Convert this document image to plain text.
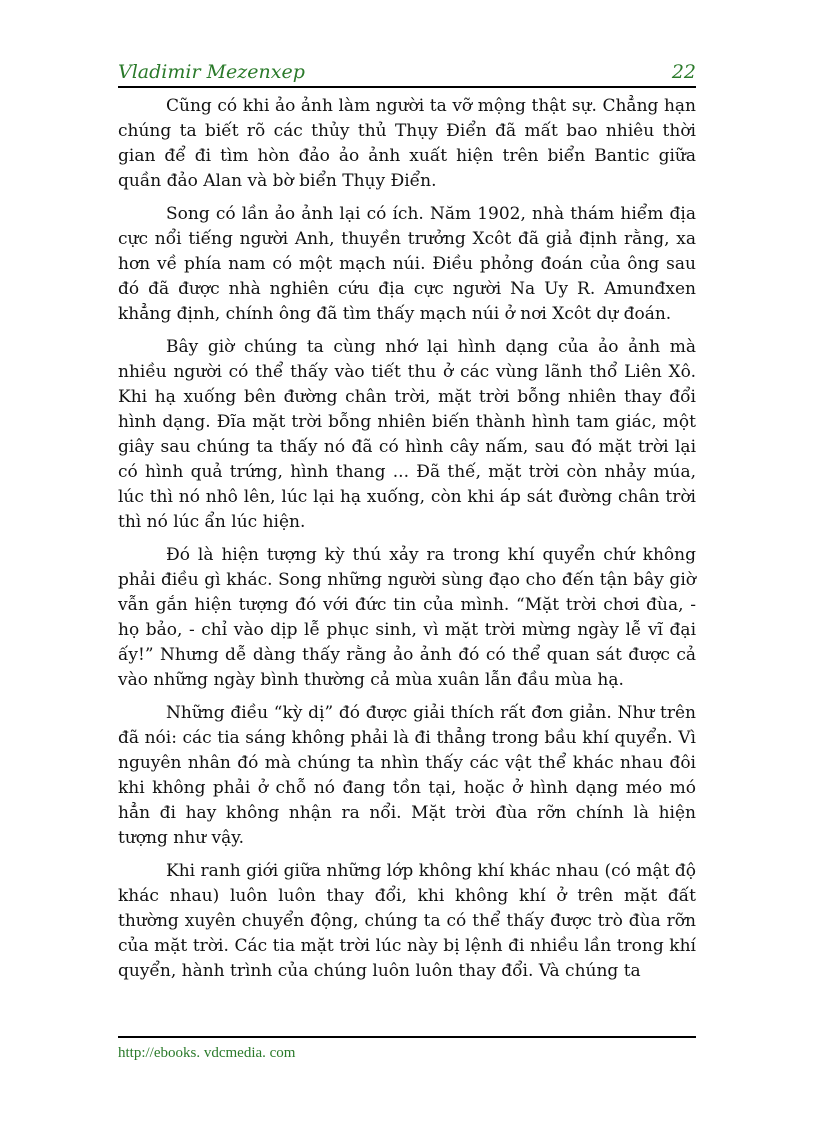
Vladimir Mezenxep	22

Cũng có khi ảo ảnh làm người ta vỡ mộng thật sự. Chẳng hạn chúng ta biết rõ các thủy thủ Thụy Điển đã mất bao nhiêu thời gian để đi tìm hòn đảo ảo ảnh xuất hiện trên biển Bantic giữa quần đảo Alan và bờ biển Thụy Điển.

Song có lần ảo ảnh lại có ích. Năm 1902, nhà thám hiểm địa cực nổi tiếng người Anh, thuyền trưởng Xcôt đã giả định rằng, xa hơn về phía nam có một mạch núi. Điều phỏng đoán của ông sau đó đã được nhà nghiên cứu địa cực người Na Uy R. Amunđxen khẳng định, chính ông đã tìm thấy mạch núi ở nơi Xcôt dự đoán.

Bây giờ chúng ta cùng nhớ lại hình dạng của ảo ảnh mà nhiều người có thể thấy vào tiết thu ở các vùng lãnh thổ Liên Xô. Khi hạ xuống bên đường chân trời, mặt trời bỗng nhiên thay đổi hình dạng. Đĩa mặt trời bỗng nhiên biến thành hình tam giác, một giây sau chúng ta thấy nó đã có hình cây nấm, sau đó mặt trời lại có hình quả trứng, hình thang ... Đã thế, mặt trời còn nhảy múa, lúc thì nó nhô lên, lúc lại hạ xuống, còn khi áp sát đường chân trời thì nó lúc ẩn lúc hiện.

Đó là hiện tượng kỳ thú xảy ra trong khí quyển chứ không phải điều gì khác. Song những người sùng đạo cho đến tận bây giờ vẫn gắn hiện tượng đó với đức tin của mình. “Mặt trời chơi đùa, - họ bảo, - chỉ vào dịp lễ phục sinh, vì mặt trời mừng ngày lễ vĩ đại ấy!” Nhưng dễ dàng thấy rằng ảo ảnh đó có thể quan sát được cả vào những ngày bình thường cả mùa xuân lẫn đầu mùa hạ.

Những điều “kỳ dị” đó được giải thích rất đơn giản. Như trên đã nói: các tia sáng không phải là đi thẳng trong bầu khí quyển. Vì nguyên nhân đó mà chúng ta nhìn thấy các vật thể khác nhau đôi khi không phải ở chỗ nó đang tồn tại, hoặc ở hình dạng méo mó hẳn đi hay không nhận ra nổi. Mặt trời đùa rỡn chính là hiện tượng như vậy.

Khi ranh giới giữa những lớp không khí khác nhau (có mật độ khác nhau) luôn luôn thay đổi, khi không khí ở trên mặt đất thường xuyên chuyển động, chúng ta có thể thấy được trò đùa rỡn của mặt trời. Các tia mặt trời lúc này bị lệnh đi nhiều lần trong khí quyển, hành trình của chúng luôn luôn thay đổi. Và chúng ta

http://ebooks. vdcmedia. com
